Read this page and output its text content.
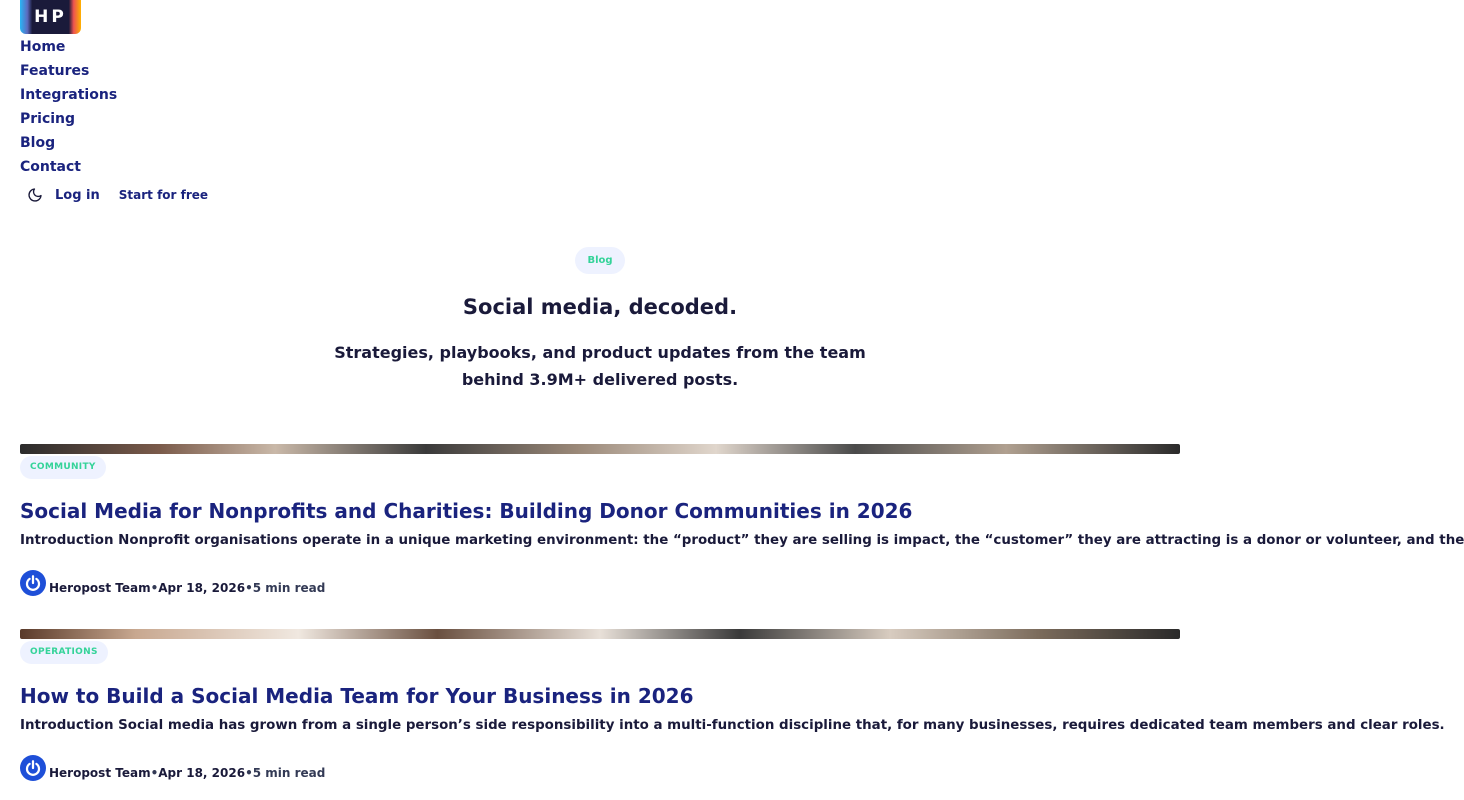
HP
Home
Features
Integrations
Pricing
Blog
Contact
Log in Start for free
Blog
Social media, decoded.

Strategies, playbooks, and product updates from the team behind 3.9M+ delivered posts.

COMMUNITY
Social Media for Nonprofits and Charities: Building Donor Communities in 2026

Introduction Nonprofit organisations operate in a unique marketing environment: the “product” they are selling is impact, the “customer” they are attracting is a donor or volunteer, and the

Heropost Team • Apr 18, 2026 • 5 min read
OPERATIONS
How to Build a Social Media Team for Your Business in 2026

Introduction Social media has grown from a single person’s side responsibility into a multi-function discipline that, for many businesses, requires dedicated team members and clear roles.

Heropost Team • Apr 18, 2026 • 5 min read
